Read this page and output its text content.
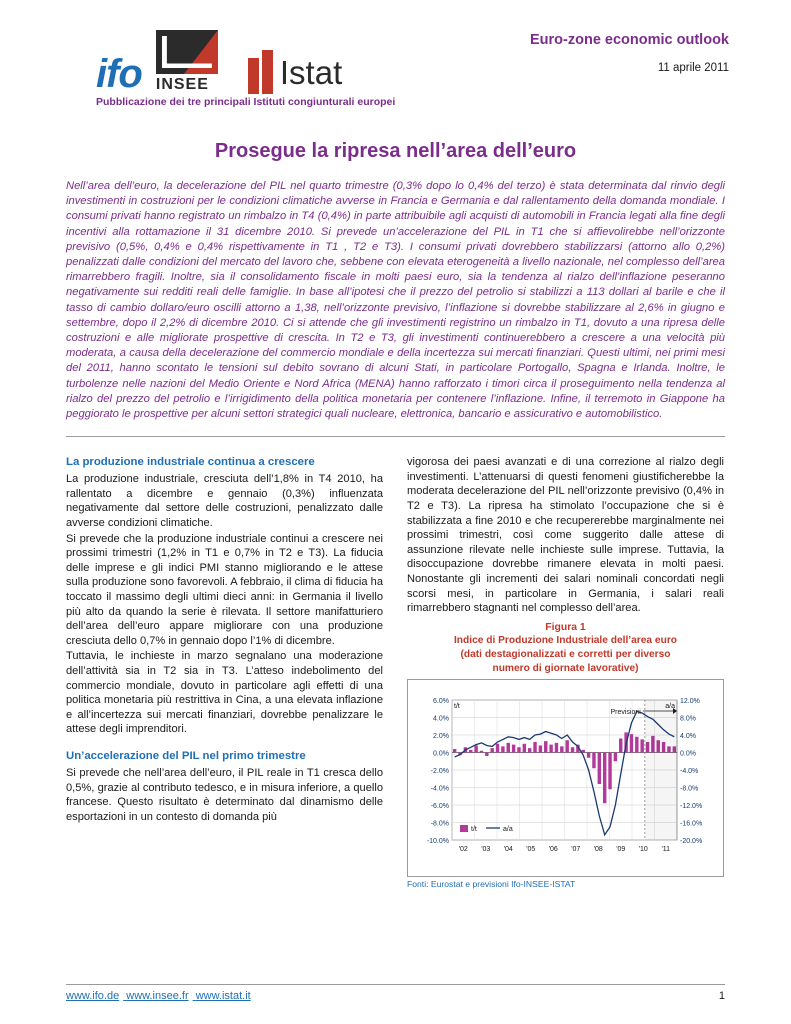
ifo INSEE	Istat
Euro-zone economic outlook
11 aprile 2011
Pubblicazione dei tre principali Istituti congiunturali europei
Prosegue la ripresa nell’area dell’euro
Nell’area dell’euro, la decelerazione del PIL nel quarto trimestre (0,3% dopo lo 0,4% del terzo) è stata determinata dal rinvio degli investimenti in costruzioni per le condizioni climatiche avverse in Francia e Germania e dal rallentamento della domanda mondiale. I consumi privati hanno registrato un rimbalzo in T4 (0,4%) in parte attribuibile agli acquisti di automobili in Francia legati alla fine degli incentivi alla rottamazione il 31 dicembre 2010. Si prevede un’accelerazione del PIL in T1 che si affievolirebbe nell’orizzonte previsivo (0,5%, 0,4% e 0,4% rispettivamente in T1 , T2 e T3). I consumi privati dovrebbero stabilizzarsi (attorno allo 0,2%) penalizzati dalle condizioni del mercato del lavoro che, sebbene con elevata eterogeneità a livello nazionale, nel complesso dell’area rimarrebbero fragili. Inoltre, sia il consolidamento fiscale in molti paesi euro, sia la tendenza al rialzo dell’inflazione peseranno negativamente sui redditi reali delle famiglie. In base all’ipotesi che il prezzo del petrolio si stabilizzi a 113 dollari al barile e che il tasso di cambio dollaro/euro oscilli attorno a 1,38, nell’orizzonte previsivo, l’inflazione si dovrebbe stabilizzare al 2,6% in giugno e settembre, dopo il 2,2% di dicembre 2010. Ci si attende che gli investimenti registrino un rimbalzo in T1, dovuto a una ripresa delle costruzioni e alle migliorate prospettive di crescita. In T2 e T3, gli investimenti continuerebbero a crescere a una velocità più moderata, a causa della decelerazione del commercio mondiale e della incertezza sui mercati finanziari. Questi ultimi, nei primi mesi del 2011, hanno scontato le tensioni sul debito sovrano di alcuni Stati, in particolare Portogallo, Spagna e Irlanda. Inoltre, le turbolenze nelle nazioni del Medio Oriente e Nord Africa (MENA) hanno rafforzato i timori circa il proseguimento nella tendenza al rialzo del prezzo del petrolio e l’irrigidimento della politica monetaria per contenere l’inflazione. Infine, il terremoto in Giappone ha peggiorato le prospettive per alcuni settori strategici quali nucleare, elettronica, bancario e assicurativo e automobilistico.
La produzione industriale continua a crescere

La produzione industriale, cresciuta dell’1,8% in T4 2010, ha rallentato a dicembre e gennaio (0,3%) influenzata negativamente dal settore delle costruzioni, penalizzato dalle avverse condizioni climatiche.

Si prevede che la produzione industriale continui a crescere nei prossimi trimestri (1,2% in T1 e 0,7% in T2 e T3). La fiducia delle imprese e gli indici PMI stanno migliorando e le attese sulla produzione sono favorevoli. A febbraio, il clima di fiducia ha toccato il massimo degli ultimi dieci anni: in Germania il livello più alto da quando la serie è rilevata. Il settore manifatturiero dell’area dell’euro appare migliorare con una produzione cresciuta dello 0,7% in gennaio dopo l’1% di dicembre.

Tuttavia, le inchieste in marzo segnalano una moderazione dell’attività sia in T2 sia in T3. L’atteso indebolimento del commercio mondiale, dovuto in particolare agli effetti di una politica monetaria più restrittiva in Cina, a una elevata inflazione e all’incertezza sui mercati finanziari, dovrebbe penalizzare le attese degli imprenditori.

Un’accelerazione del PIL nel primo trimestre

Si prevede che nell’area dell’euro, il PIL reale in T1 cresca dello 0,5%, grazie al contributo tedesco, e in misura inferiore, a quello francese. Questo risultato è determinato dal dinamismo delle esportazioni in un contesto di domanda più

vigorosa dei paesi avanzati e di una correzione al rialzo degli investimenti. L’attenuarsi di questi fenomeni giustificherebbe la moderata decelerazione del PIL nell’orizzonte previsivo (0,4% in T2 e T3). La ripresa ha stimolato l’occupazione che si è stabilizzata a fine 2010 e che recupererebbe marginalmente nei prossimi trimestri, così come suggerito dalle attese di assunzione rilevate nelle inchieste sulle imprese. Tuttavia, la disoccupazione dovrebbe rimanere elevata in molti paesi. Nonostante gli incrementi dei salari nominali concordati negli scorsi mesi, in particolare in Germania, i salari reali rimarrebbero stagnanti nel complesso dell’area.

Figura 1
Indice di Produzione Industriale dell’area euro
(dati destagionalizzati e corretti per diverso
numero di giornate lavorative)
6.0%	12.0%
4.0%	8.0%
2.0%	4.0%
0.0%	0.0%
-2.0%	-4.0%
-4.0%	-8.0%
-6.0%	-12.0%
-8.0%	-16.0%
-10.0%	-20.0%
'02 '03 '04 '05 '06 '07 '08 '09 '10 '11
Previsioni
t/t	a/a
t/t	a/a
Fonti: Eurostat e previsioni Ifo-INSEE-ISTAT
www.ifo.de www.insee.fr www.istat.it	1
